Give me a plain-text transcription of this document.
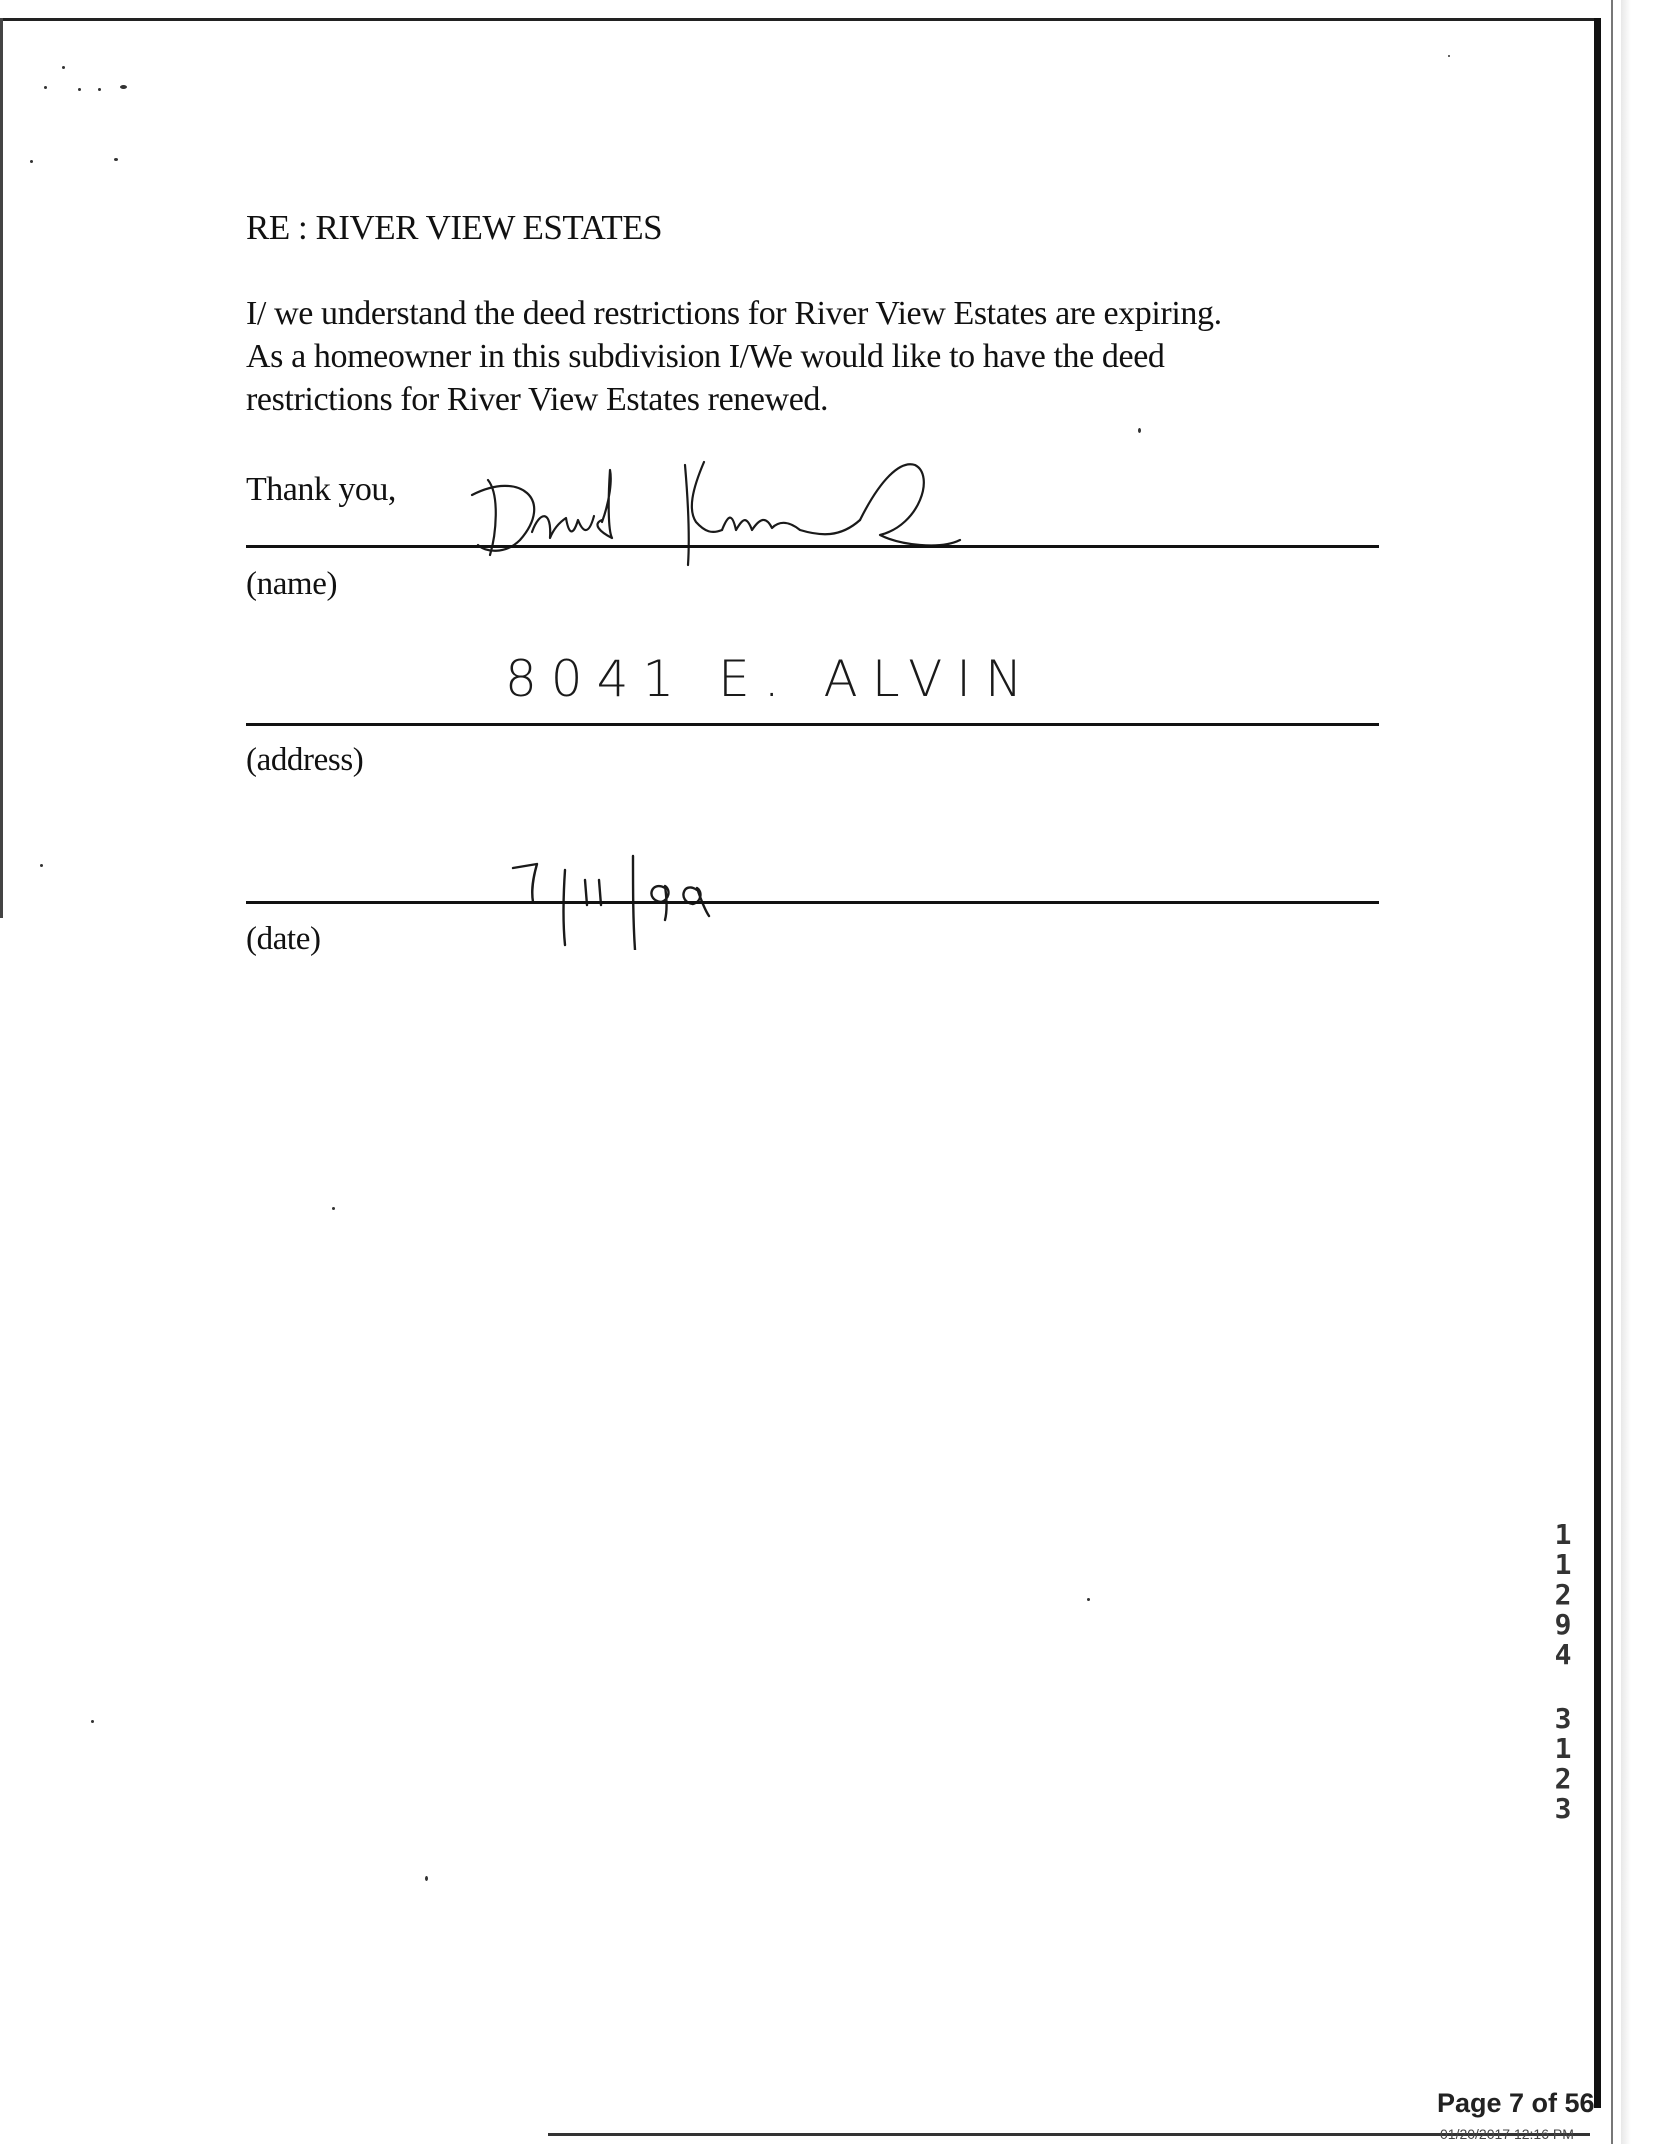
RE : RIVER VIEW ESTATES
I/ we understand the deed restrictions for River View Estates are expiring.
As a homeowner in this subdivision I/We would like to have the deed
restrictions for River View Estates renewed.
Thank you,
(name)
8041 E. ALVIN
(address)
(date)
1
1
2
9
4
3
1
2
3
Page 7 of 56
01/20/2017 12:16 PM
